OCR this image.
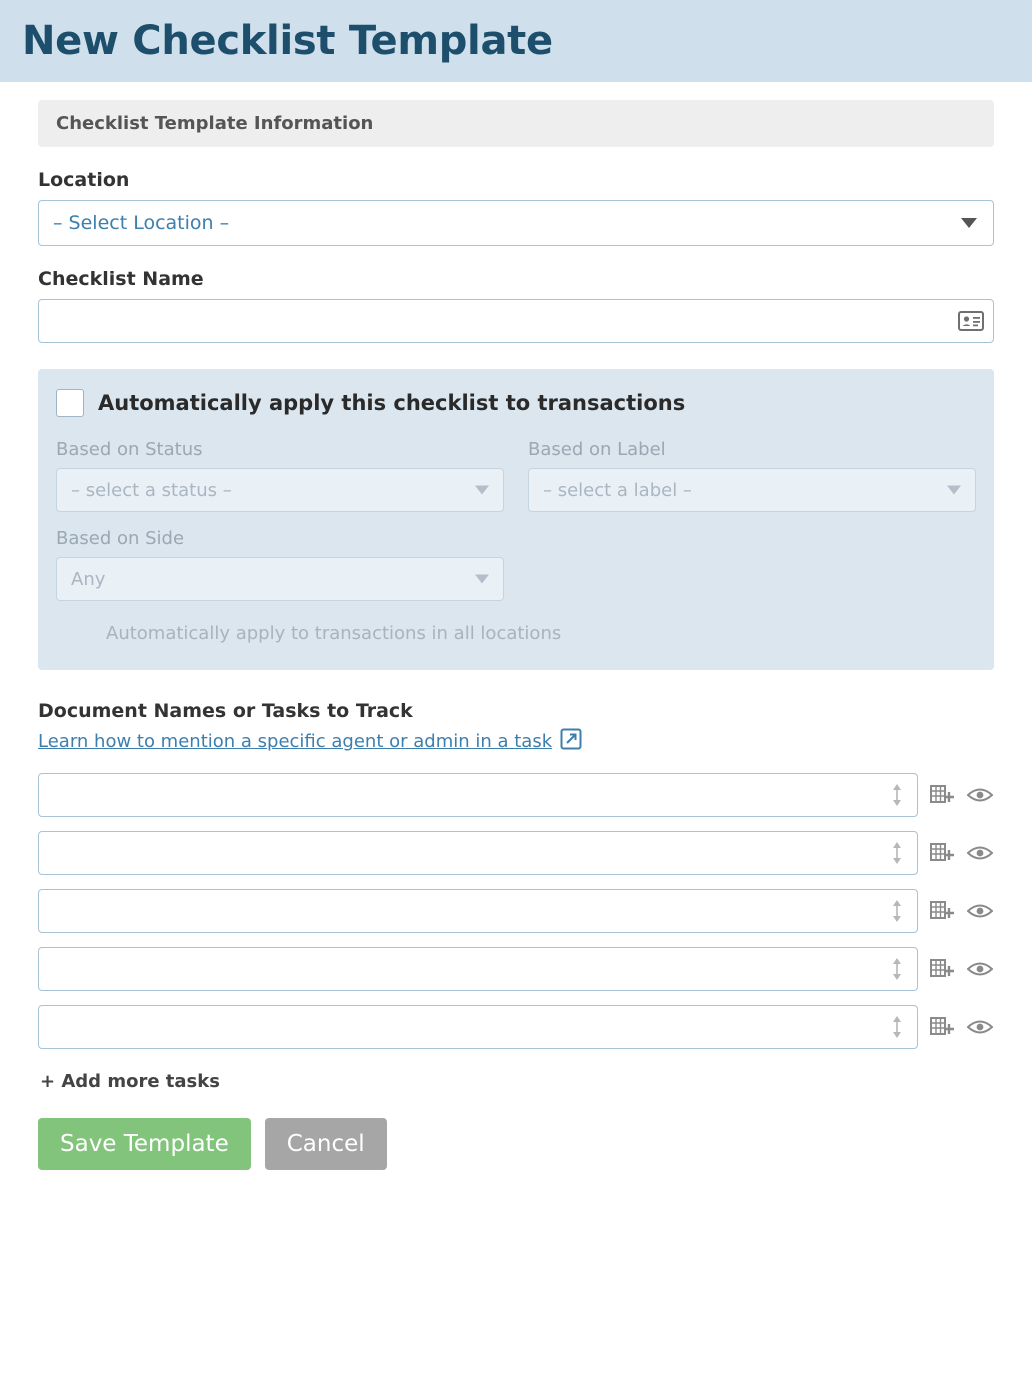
New Checklist Template
Checklist Template Information
Location
– Select Location –
Checklist Name
Automatically apply this checklist to transactions
Based on Status
– select a status –
Based on Label
– select a label –
Based on Side
Any
Automatically apply to transactions in all locations
Document Names or Tasks to Track
Learn how to mention a specific agent or admin in a task
+ Add more tasks
Save Template	Cancel
